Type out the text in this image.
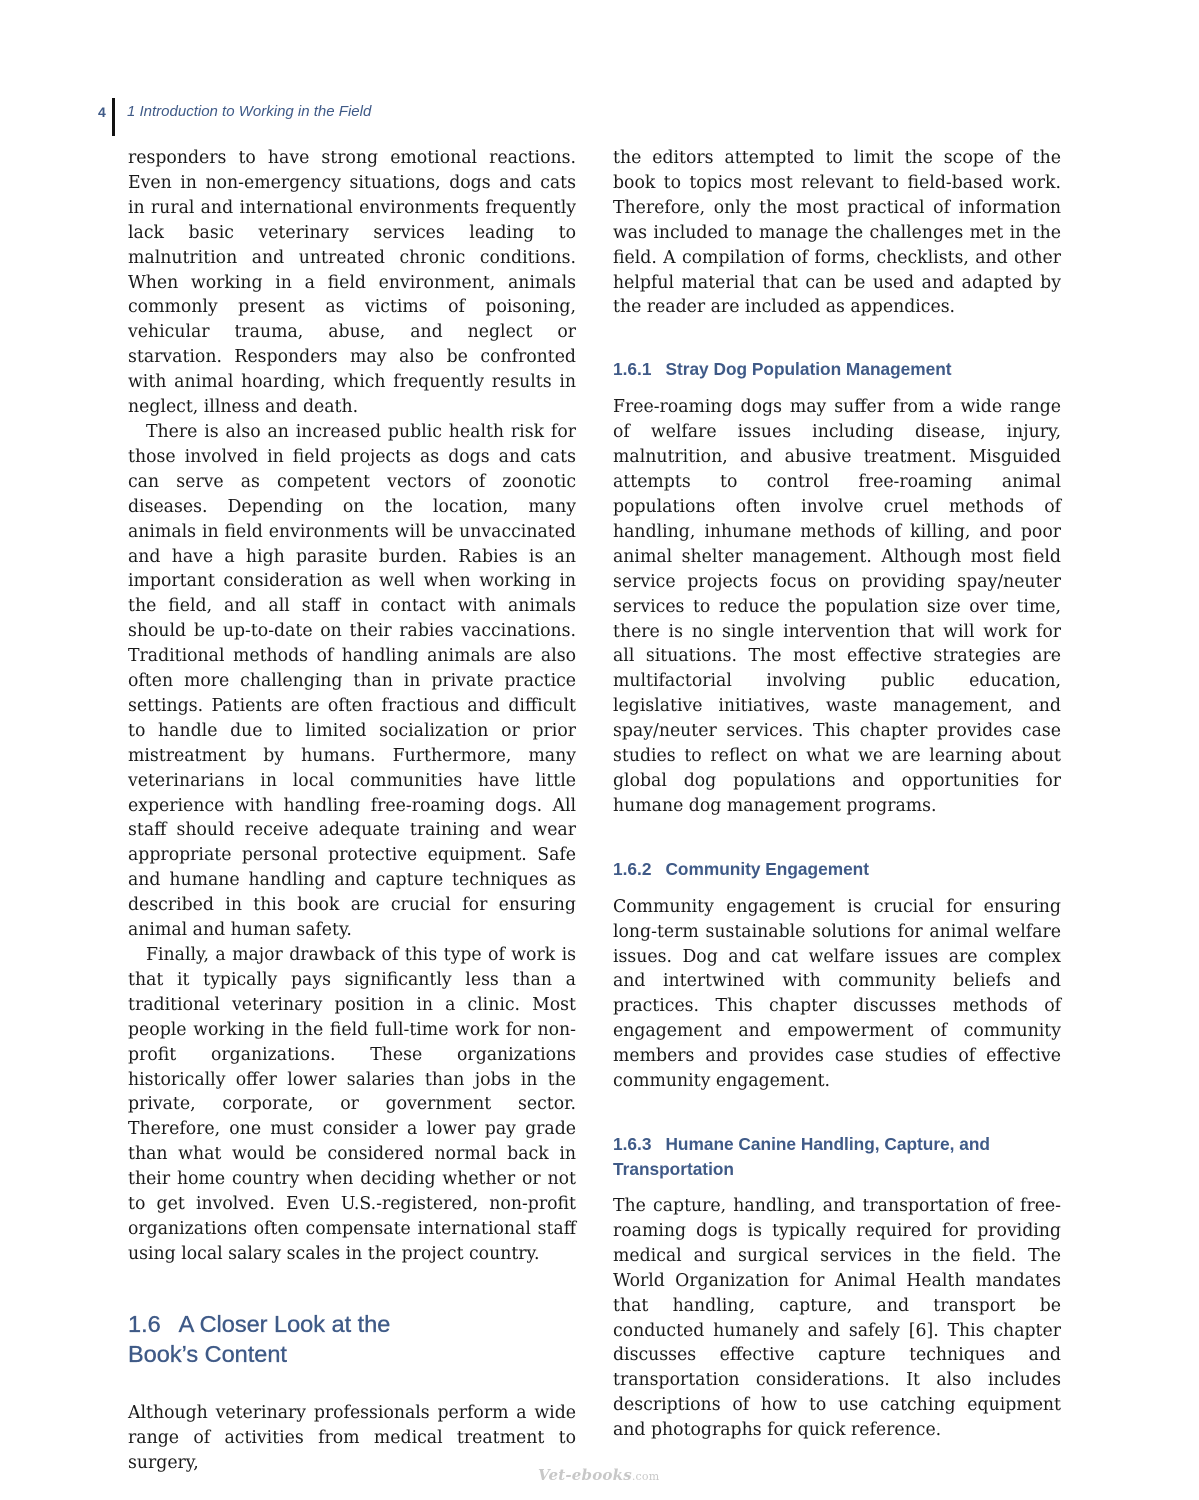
4	1 Introduction to Working in the Field

responders to have strong emotional reactions. Even in non-emergency situations, dogs and cats in rural and international environments frequently lack basic veterinary services leading to malnutrition and untreated chronic conditions. When working in a field environment, animals commonly present as victims of poisoning, vehicular trauma, abuse, and neglect or starvation. Responders may also be confronted with animal hoarding, which frequently results in neglect, illness and death.

There is also an increased public health risk for those involved in field projects as dogs and cats can serve as competent vectors of zoonotic diseases. Depending on the location, many animals in field environments will be unvaccinated and have a high parasite burden. Rabies is an important consideration as well when working in the field, and all staff in contact with animals should be up-to-date on their rabies vaccinations. Traditional methods of handling animals are also often more challenging than in private practice settings. Patients are often fractious and difficult to handle due to limited socialization or prior mistreatment by humans. Furthermore, many veterinarians in local communities have little experience with handling free-roaming dogs. All staff should receive adequate training and wear appropriate personal protective equipment. Safe and humane handling and capture techniques as described in this book are crucial for ensuring animal and human safety.

Finally, a major drawback of this type of work is that it typically pays significantly less than a traditional veterinary position in a clinic. Most people working in the field full-time work for non-profit organizations. These organizations historically offer lower salaries than jobs in the private, corporate, or government sector. Therefore, one must consider a lower pay grade than what would be considered normal back in their home country when deciding whether or not to get involved. Even U.S.-registered, non-profit organizations often compensate international staff using local salary scales in the project country.

1.6 A Closer Look at the
Book’s Content

Although veterinary professionals perform a wide range of activities from medical treatment to surgery,

the editors attempted to limit the scope of the book to topics most relevant to field-based work. Therefore, only the most practical of information was included to manage the challenges met in the field. A compilation of forms, checklists, and other helpful material that can be used and adapted by the reader are included as appendices.

1.6.1 Stray Dog Population Management

Free-roaming dogs may suffer from a wide range of welfare issues including disease, injury, malnutrition, and abusive treatment. Misguided attempts to control free-roaming animal populations often involve cruel methods of handling, inhumane methods of killing, and poor animal shelter management. Although most field service projects focus on providing spay/neuter services to reduce the population size over time, there is no single intervention that will work for all situations. The most effective strategies are multifactorial involving public education, legislative initiatives, waste management, and spay/neuter services. This chapter provides case studies to reflect on what we are learning about global dog populations and opportunities for humane dog management programs.

1.6.2 Community Engagement

Community engagement is crucial for ensuring long-term sustainable solutions for animal welfare issues. Dog and cat welfare issues are complex and intertwined with community beliefs and practices. This chapter discusses methods of engagement and empowerment of community members and provides case studies of effective community engagement.

1.6.3 Humane Canine Handling, Capture, and
Transportation

The capture, handling, and transportation of free-roaming dogs is typically required for providing medical and surgical services in the field. The World Organization for Animal Health mandates that handling, capture, and transport be conducted humanely and safely [6]. This chapter discusses effective capture techniques and transportation considerations. It also includes descriptions of how to use catching equipment and photographs for quick reference.

Vet-ebooks.com
